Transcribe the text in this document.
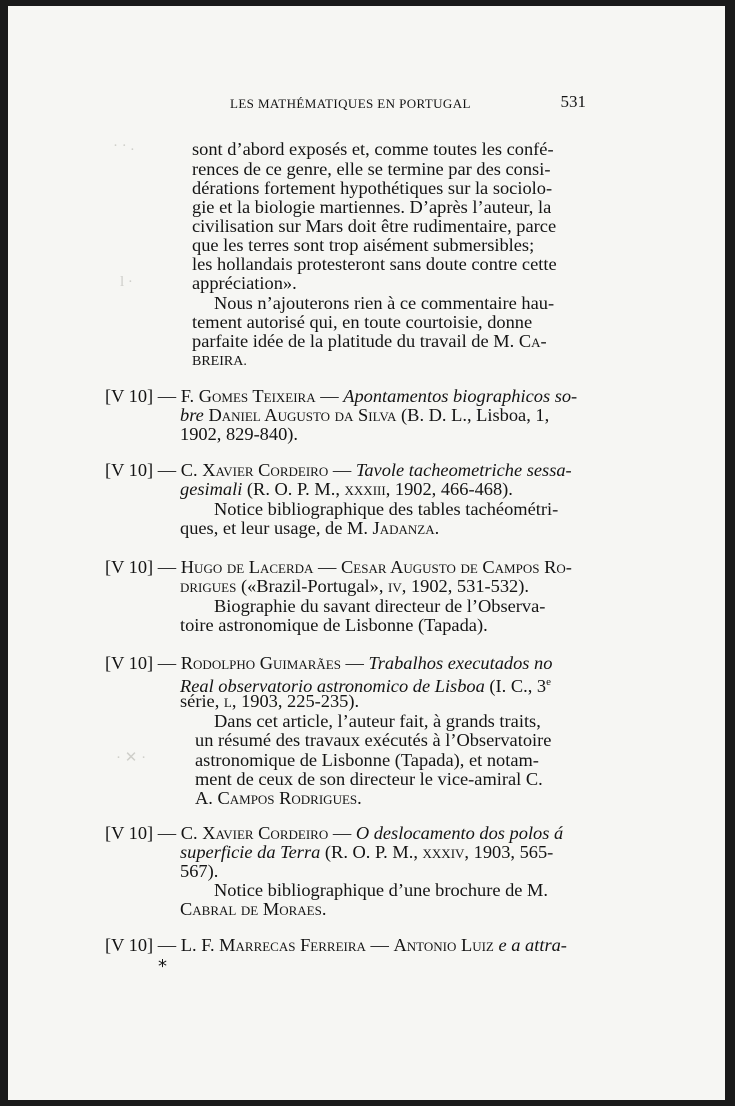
· · .
l ·
· ✕ ·
LES MATHÉMATIQUES EN PORTUGAL	531
sont d’abord exposés et, comme toutes les confé-
rences de ce genre, elle se termine par des consi-
dérations fortement hypothétiques sur la sociolo-
gie et la biologie martiennes. D’après l’auteur, la
civilisation sur Mars doit être rudimentaire, parce
que les terres sont trop aisément submersibles;
les hollandais protesteront sans doute contre cette
appréciation».
Nous n’ajouterons rien à ce commentaire hau-
tement autorisé qui, en toute courtoisie, donne
parfaite idée de la platitude du travail de M. Ca-
BREIRA.
[V 10] — F. Gomes Teixeira — Apontamentos biographicos so-
bre Daniel Augusto da Silva (B. D. L., Lisboa, 1,
1902, 829-840).
[V 10] — C. Xavier Cordeiro — Tavole tacheometriche sessa-
gesimali (R. O. P. M., xxxiii, 1902, 466-468).
Notice bibliographique des tables tachéométri-
ques, et leur usage, de M. Jadanza.
[V 10] — Hugo de Lacerda — Cesar Augusto de Campos Ro-
drigues («Brazil-Portugal», iv, 1902, 531-532).
Biographie du savant directeur de l’Observa-
toire astronomique de Lisbonne (Tapada).
[V 10] — Rodolpho Guimarães — Trabalhos executados no
Real observatorio astronomico de Lisboa (I. C., 3e
série, l, 1903, 225-235).
Dans cet article, l’auteur fait, à grands traits,
un résumé des travaux exécutés à l’Observatoire
astronomique de Lisbonne (Tapada), et notam-
ment de ceux de son directeur le vice-amiral C.
A. Campos Rodrigues.
[V 10] — C. Xavier Cordeiro — O deslocamento dos polos á
superficie da Terra (R. O. P. M., xxxiv, 1903, 565-
567).
Notice bibliographique d’une brochure de M.
Cabral de Moraes.
[V 10] — L. F. Marrecas Ferreira — Antonio Luiz e a attra-
*
